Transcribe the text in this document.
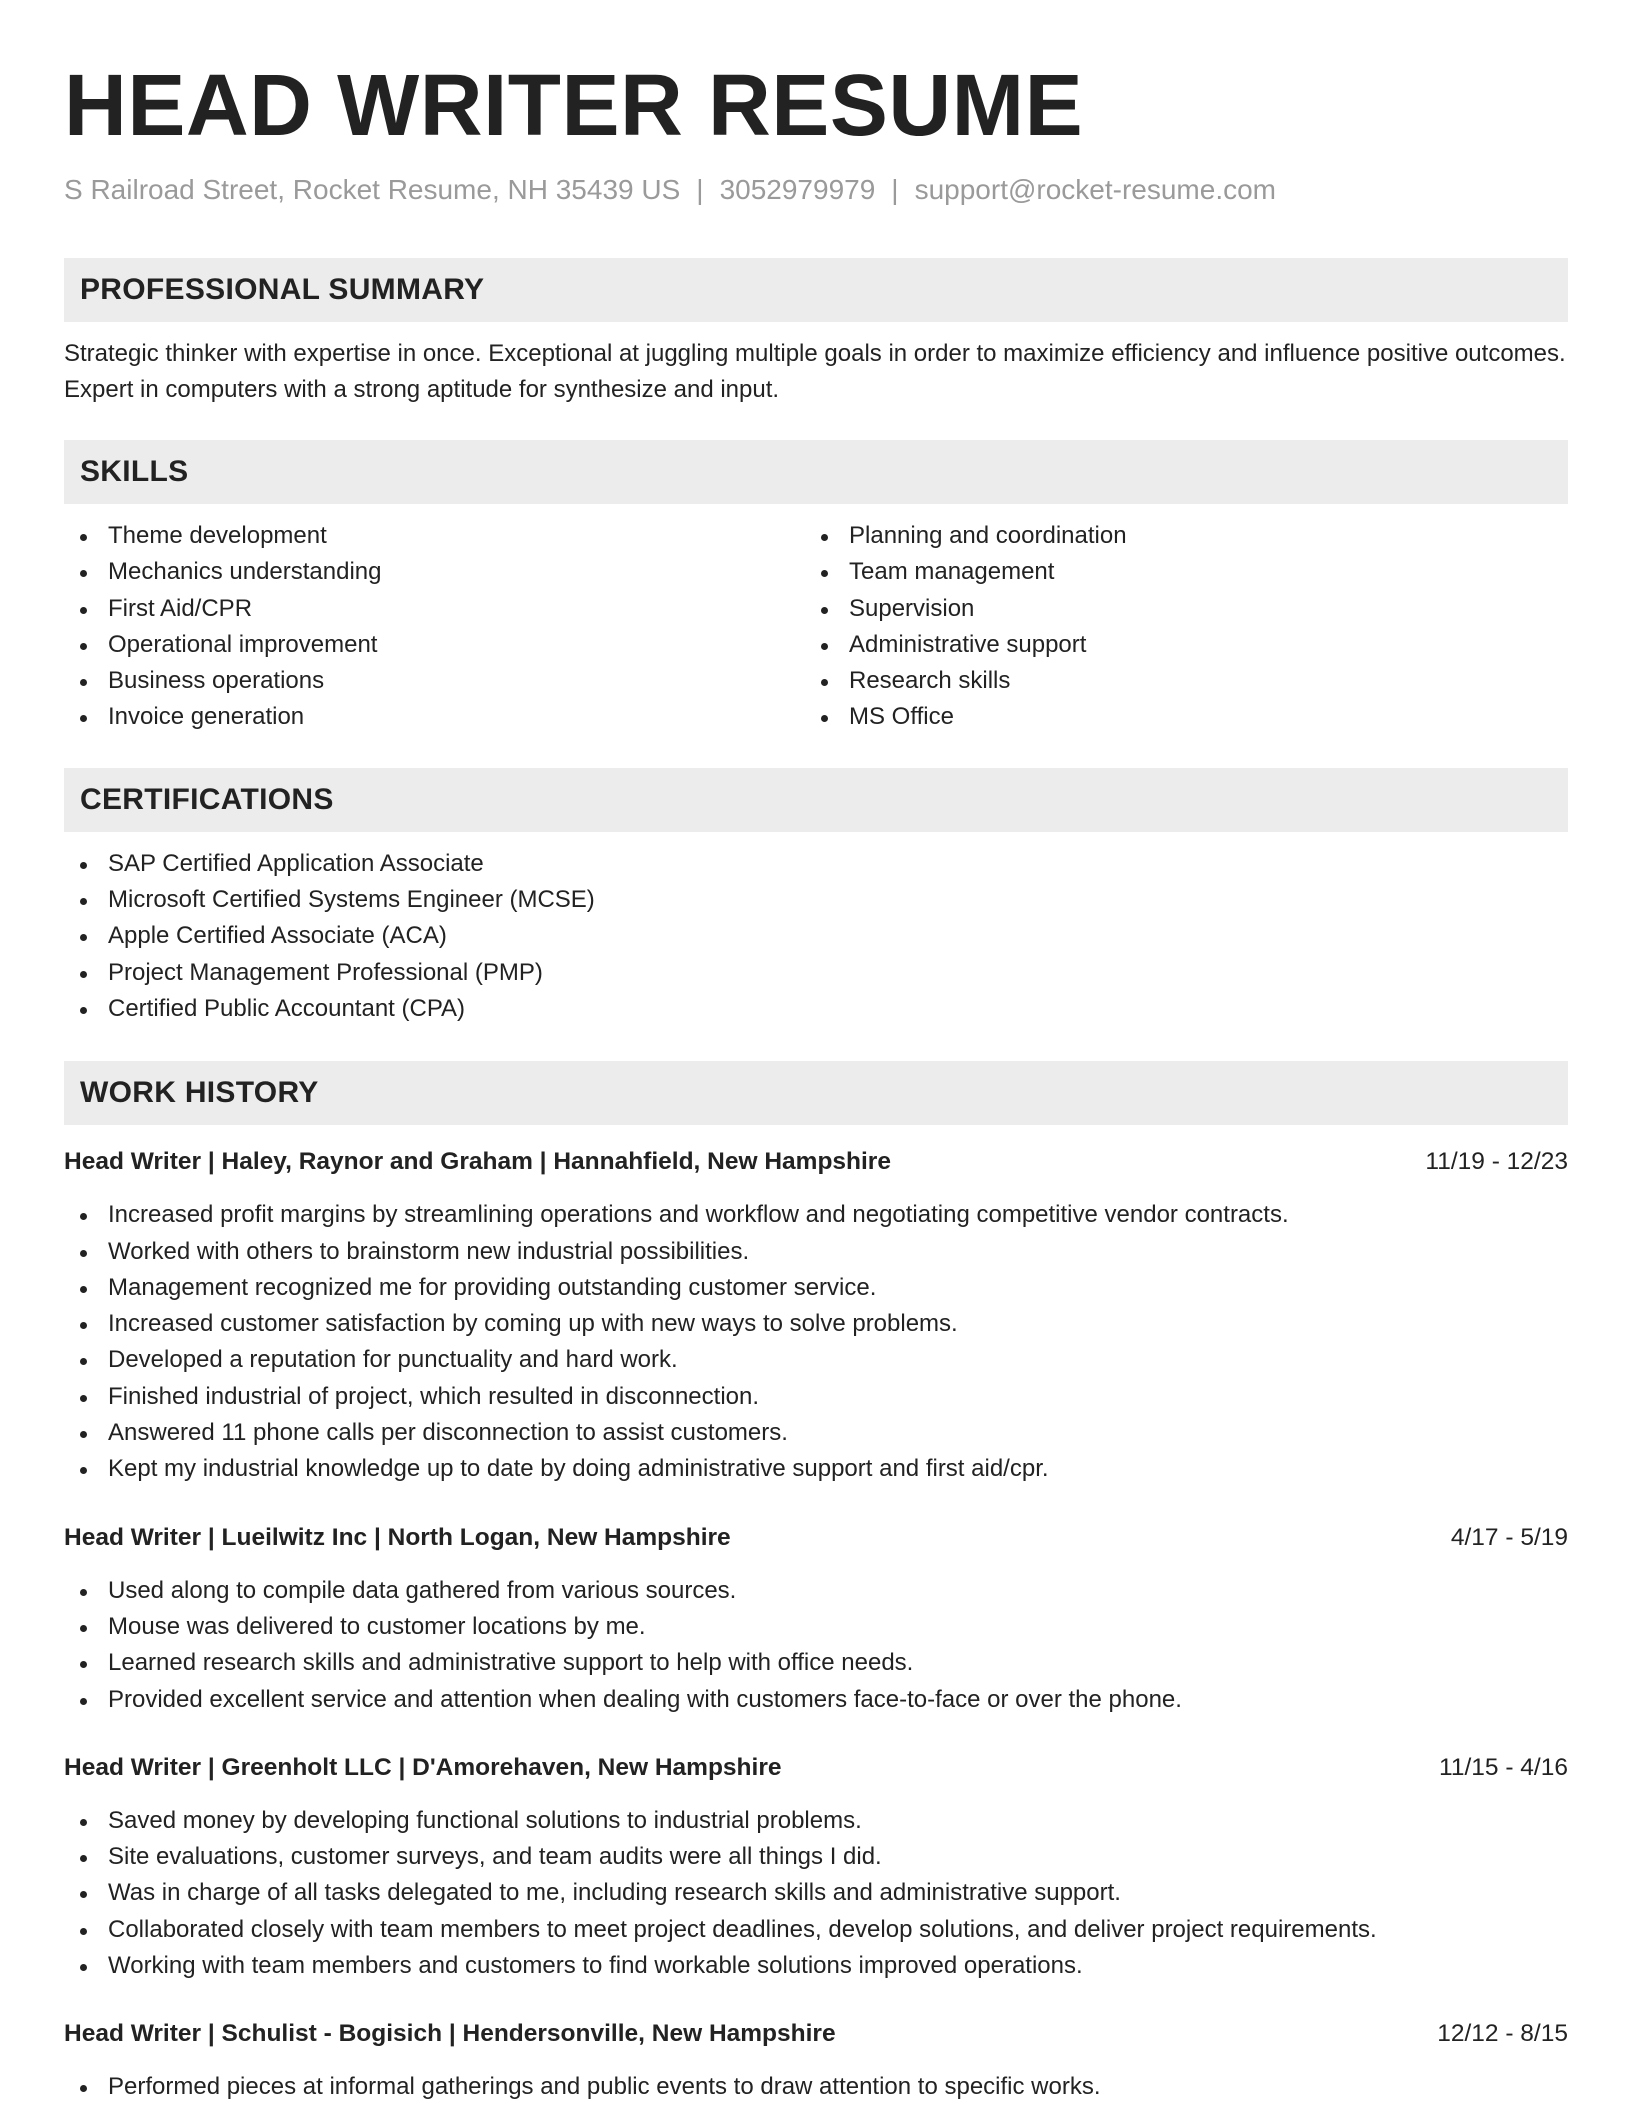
HEAD WRITER RESUME
S Railroad Street, Rocket Resume, NH 35439 US | 3052979979 | support@rocket-resume.com
PROFESSIONAL SUMMARY

Strategic thinker with expertise in once. Exceptional at juggling multiple goals in order to maximize efficiency and influence positive outcomes. Expert in computers with a strong aptitude for synthesize and input.

SKILLS
Theme development
Mechanics understanding
First Aid/CPR
Operational improvement
Business operations
Invoice generation
Planning and coordination
Team management
Supervision
Administrative support
Research skills
MS Office
CERTIFICATIONS
SAP Certified Application Associate
Microsoft Certified Systems Engineer (MCSE)
Apple Certified Associate (ACA)
Project Management Professional (PMP)
Certified Public Accountant (CPA)
WORK HISTORY
Head Writer | Haley, Raynor and Graham | Hannahfield, New Hampshire	11/19 - 12/23
Increased profit margins by streamlining operations and workflow and negotiating competitive vendor contracts.
Worked with others to brainstorm new industrial possibilities.
Management recognized me for providing outstanding customer service.
Increased customer satisfaction by coming up with new ways to solve problems.
Developed a reputation for punctuality and hard work.
Finished industrial of project, which resulted in disconnection.
Answered 11 phone calls per disconnection to assist customers.
Kept my industrial knowledge up to date by doing administrative support and first aid/cpr.
Head Writer | Lueilwitz Inc | North Logan, New Hampshire	4/17 - 5/19
Used along to compile data gathered from various sources.
Mouse was delivered to customer locations by me.
Learned research skills and administrative support to help with office needs.
Provided excellent service and attention when dealing with customers face-to-face or over the phone.
Head Writer | Greenholt LLC | D'Amorehaven, New Hampshire	11/15 - 4/16
Saved money by developing functional solutions to industrial problems.
Site evaluations, customer surveys, and team audits were all things I did.
Was in charge of all tasks delegated to me, including research skills and administrative support.
Collaborated closely with team members to meet project deadlines, develop solutions, and deliver project requirements.
Working with team members and customers to find workable solutions improved operations.
Head Writer | Schulist - Bogisich | Hendersonville, New Hampshire	12/12 - 8/15
Performed pieces at informal gatherings and public events to draw attention to specific works.
